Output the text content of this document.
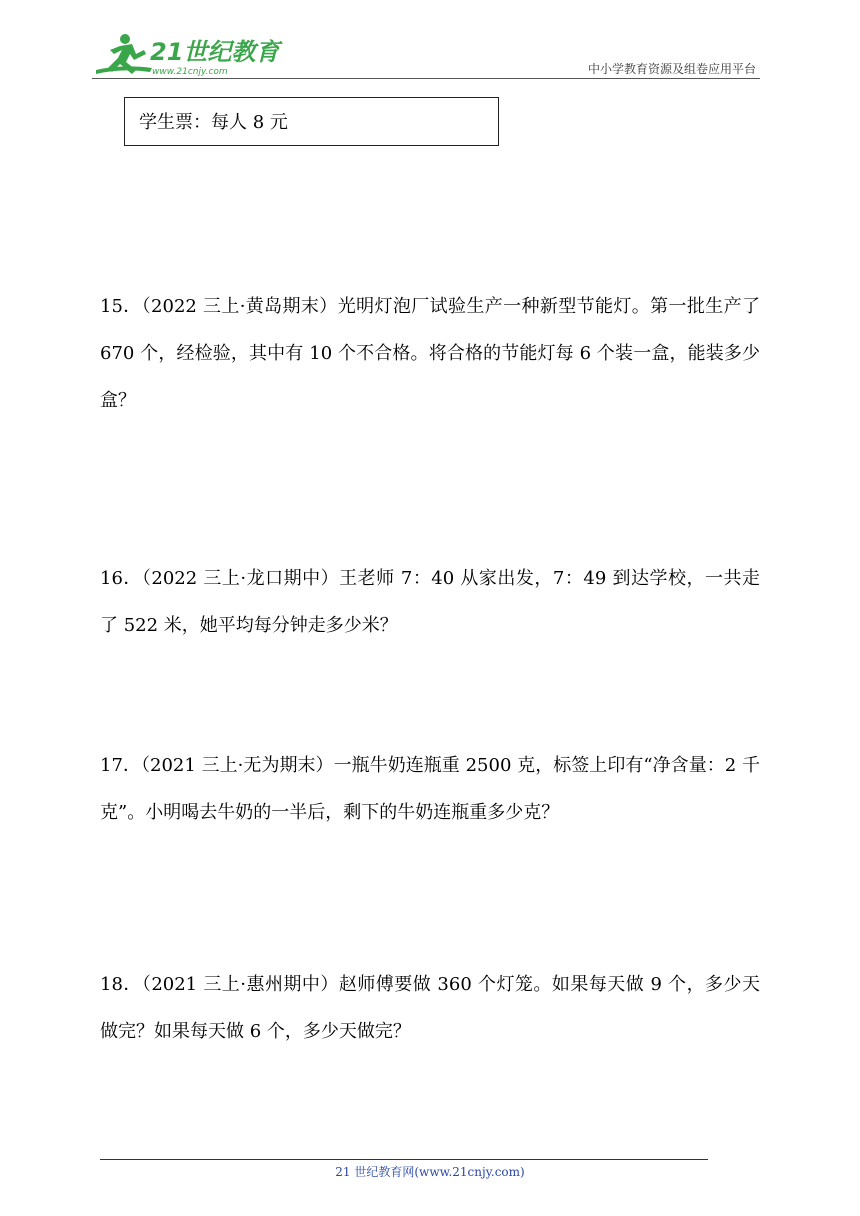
21世纪教育
www.21cnjy.com	中小学教育资源及组卷应用平台
学生票：每人 8 元
15．（2022 三上·黄岛期末）光明灯泡厂试验生产一种新型节能灯。第一批生产了 670 个，经检验，其中有 10 个不合格。将合格的节能灯每 6 个装一盒，能装多少盒？
16．（2022 三上·龙口期中）王老师 7：40 从家出发，7：49 到达学校，一共走了 522 米，她平均每分钟走多少米？
17．（2021 三上·无为期末）一瓶牛奶连瓶重 2500 克，标签上印有“净含量：2 千克”。小明喝去牛奶的一半后，剩下的牛奶连瓶重多少克？
18．（2021 三上·惠州期中）赵师傅要做 360 个灯笼。如果每天做 9 个，多少天做完？如果每天做 6 个，多少天做完？
21 世纪教育网(www.21cnjy.com)
